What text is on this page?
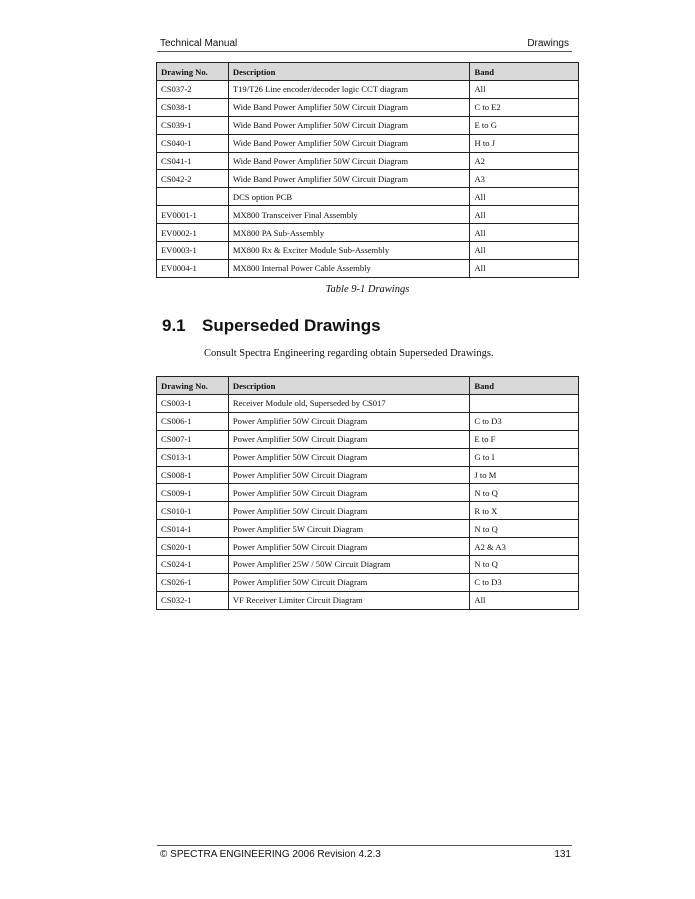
Technical Manual	Drawings
Drawing No.	Description	Band
CS037-2	T19/T26 Line encoder/decoder logic CCT diagram	All
CS038-1	Wide Band Power Amplifier 50W Circuit Diagram	C to E2
CS039-1	Wide Band Power Amplifier 50W Circuit Diagram	E to G
CS040-1	Wide Band Power Amplifier 50W Circuit Diagram	H to J
CS041-1	Wide Band Power Amplifier 50W Circuit Diagram	A2
CS042-2	Wide Band Power Amplifier 50W Circuit Diagram	A3
	DCS option PCB	All
EV0001-1	MX800 Transceiver Final Assembly	All
EV0002-1	MX800 PA Sub-Assembly	All
EV0003-1	MX800 Rx & Exciter Module Sub-Assembly	All
EV0004-1	MX800 Internal Power Cable Assembly	All
Table 9-1 Drawings
9.1 Superseded Drawings
Consult Spectra Engineering regarding obtain Superseded Drawings.
Drawing No.	Description	Band
CS003-1	Receiver Module old, Superseded by CS017	
CS006-1	Power Amplifier 50W Circuit Diagram	C to D3
CS007-1	Power Amplifier 50W Circuit Diagram	E to F
CS013-1	Power Amplifier 50W Circuit Diagram	G to I
CS008-1	Power Amplifier 50W Circuit Diagram	J to M
CS009-1	Power Amplifier 50W Circuit Diagram	N to Q
CS010-1	Power Amplifier 50W Circuit Diagram	R to X
CS014-1	Power Amplifier 5W Circuit Diagram	N to Q
CS020-1	Power Amplifier 50W Circuit Diagram	A2 & A3
CS024-1	Power Amplifier 25W / 50W Circuit Diagram	N to Q
CS026-1	Power Amplifier 50W Circuit Diagram	C to D3
CS032-1	VF Receiver Limiter Circuit Diagram	All
© SPECTRA ENGINEERING 2006 Revision 4.2.3	131
